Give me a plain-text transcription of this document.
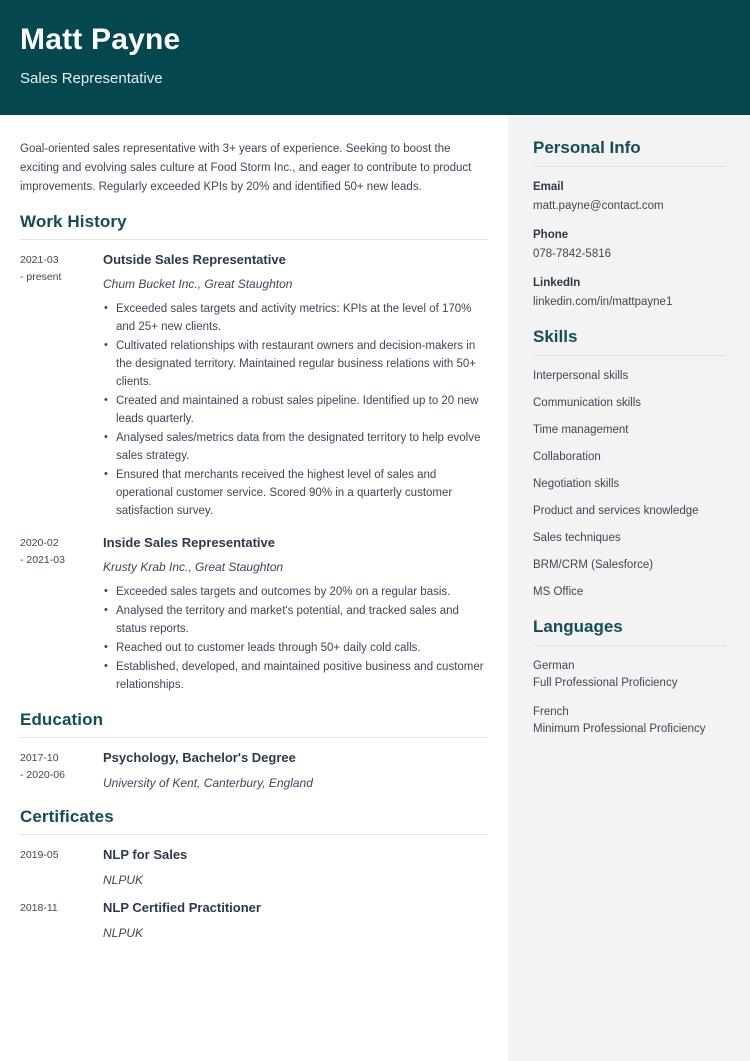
Matt Payne
Sales Representative

Goal-oriented sales representative with 3+ years of experience. Seeking to boost the exciting and evolving sales culture at Food Storm Inc., and eager to contribute to product improvements. Regularly exceeded KPIs by 20% and identified 50+ new leads.

Work History
2021-03
- present
Outside Sales Representative
Chum Bucket Inc., Great Staughton
• Exceeded sales targets and activity metrics: KPIs at the level of 170% and 25+ new clients.
• Cultivated relationships with restaurant owners and decision-makers in the designated territory. Maintained regular business relations with 50+ clients.
• Created and maintained a robust sales pipeline. Identified up to 20 new leads quarterly.
• Analysed sales/metrics data from the designated territory to help evolve sales strategy.
• Ensured that merchants received the highest level of sales and operational customer service. Scored 90% in a quarterly customer satisfaction survey.
2020-02
- 2021-03
Inside Sales Representative
Krusty Krab Inc., Great Staughton
• Exceeded sales targets and outcomes by 20% on a regular basis.
• Analysed the territory and market's potential, and tracked sales and status reports.
• Reached out to customer leads through 50+ daily cold calls.
• Established, developed, and maintained positive business and customer relationships.
Education
2017-10
- 2020-06
Psychology, Bachelor's Degree
University of Kent, Canterbury, England
Certificates
2019-05	NLP for Sales
NLPUK
2018-11	NLP Certified Practitioner
NLPUK
Personal Info
Email
matt.payne@contact.com
Phone
078-7842-5816
LinkedIn
linkedin.com/in/mattpayne1
Skills
Interpersonal skills
Communication skills
Time management
Collaboration
Negotiation skills
Product and services knowledge
Sales techniques
BRM/CRM (Salesforce)
MS Office
Languages
German
Full Professional Proficiency
French
Minimum Professional Proficiency
